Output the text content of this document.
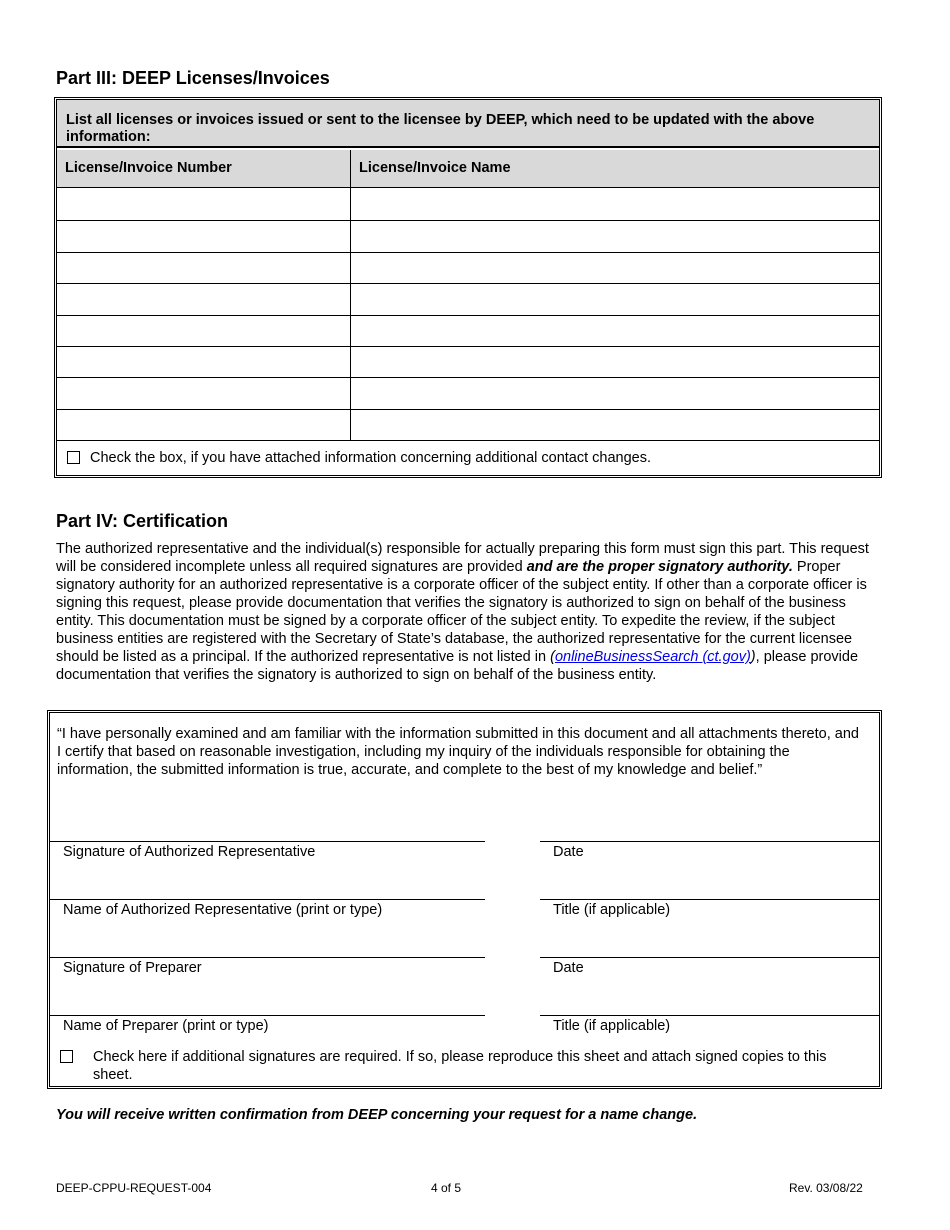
Part III: DEEP Licenses/Invoices
List all licenses or invoices issued or sent to the licensee by DEEP, which need to be updated with the above information:
License/Invoice Number	License/Invoice Name
Check the box, if you have attached information concerning additional contact changes.
Part IV: Certification
The authorized representative and the individual(s) responsible for actually preparing this form must sign this part. This request will be considered incomplete unless all required signatures are provided and are the proper signatory authority. Proper signatory authority for an authorized representative is a corporate officer of the subject entity. If other than a corporate officer is signing this request, please provide documentation that verifies the signatory is authorized to sign on behalf of the business entity. This documentation must be signed by a corporate officer of the subject entity. To expedite the review, if the subject business entities are registered with the Secretary of State’s database, the authorized representative for the current licensee should be listed as a principal. If the authorized representative is not listed in (onlineBusinessSearch (ct.gov)), please provide documentation that verifies the signatory is authorized to sign on behalf of the business entity.
“I have personally examined and am familiar with the information submitted in this document and all attachments thereto, and I certify that based on reasonable investigation, including my inquiry of the individuals responsible for obtaining the information, the submitted information is true, accurate, and complete to the best of my knowledge and belief.”
Signature of Authorized Representative	Date
Name of Authorized Representative (print or type)	Title (if applicable)
Signature of Preparer	Date
Name of Preparer (print or type)	Title (if applicable)
Check here if additional signatures are required. If so, please reproduce this sheet and attach signed copies to this sheet.
You will receive written confirmation from DEEP concerning your request for a name change.
DEEP-CPPU-REQUEST-004	4 of 5	Rev. 03/08/22
